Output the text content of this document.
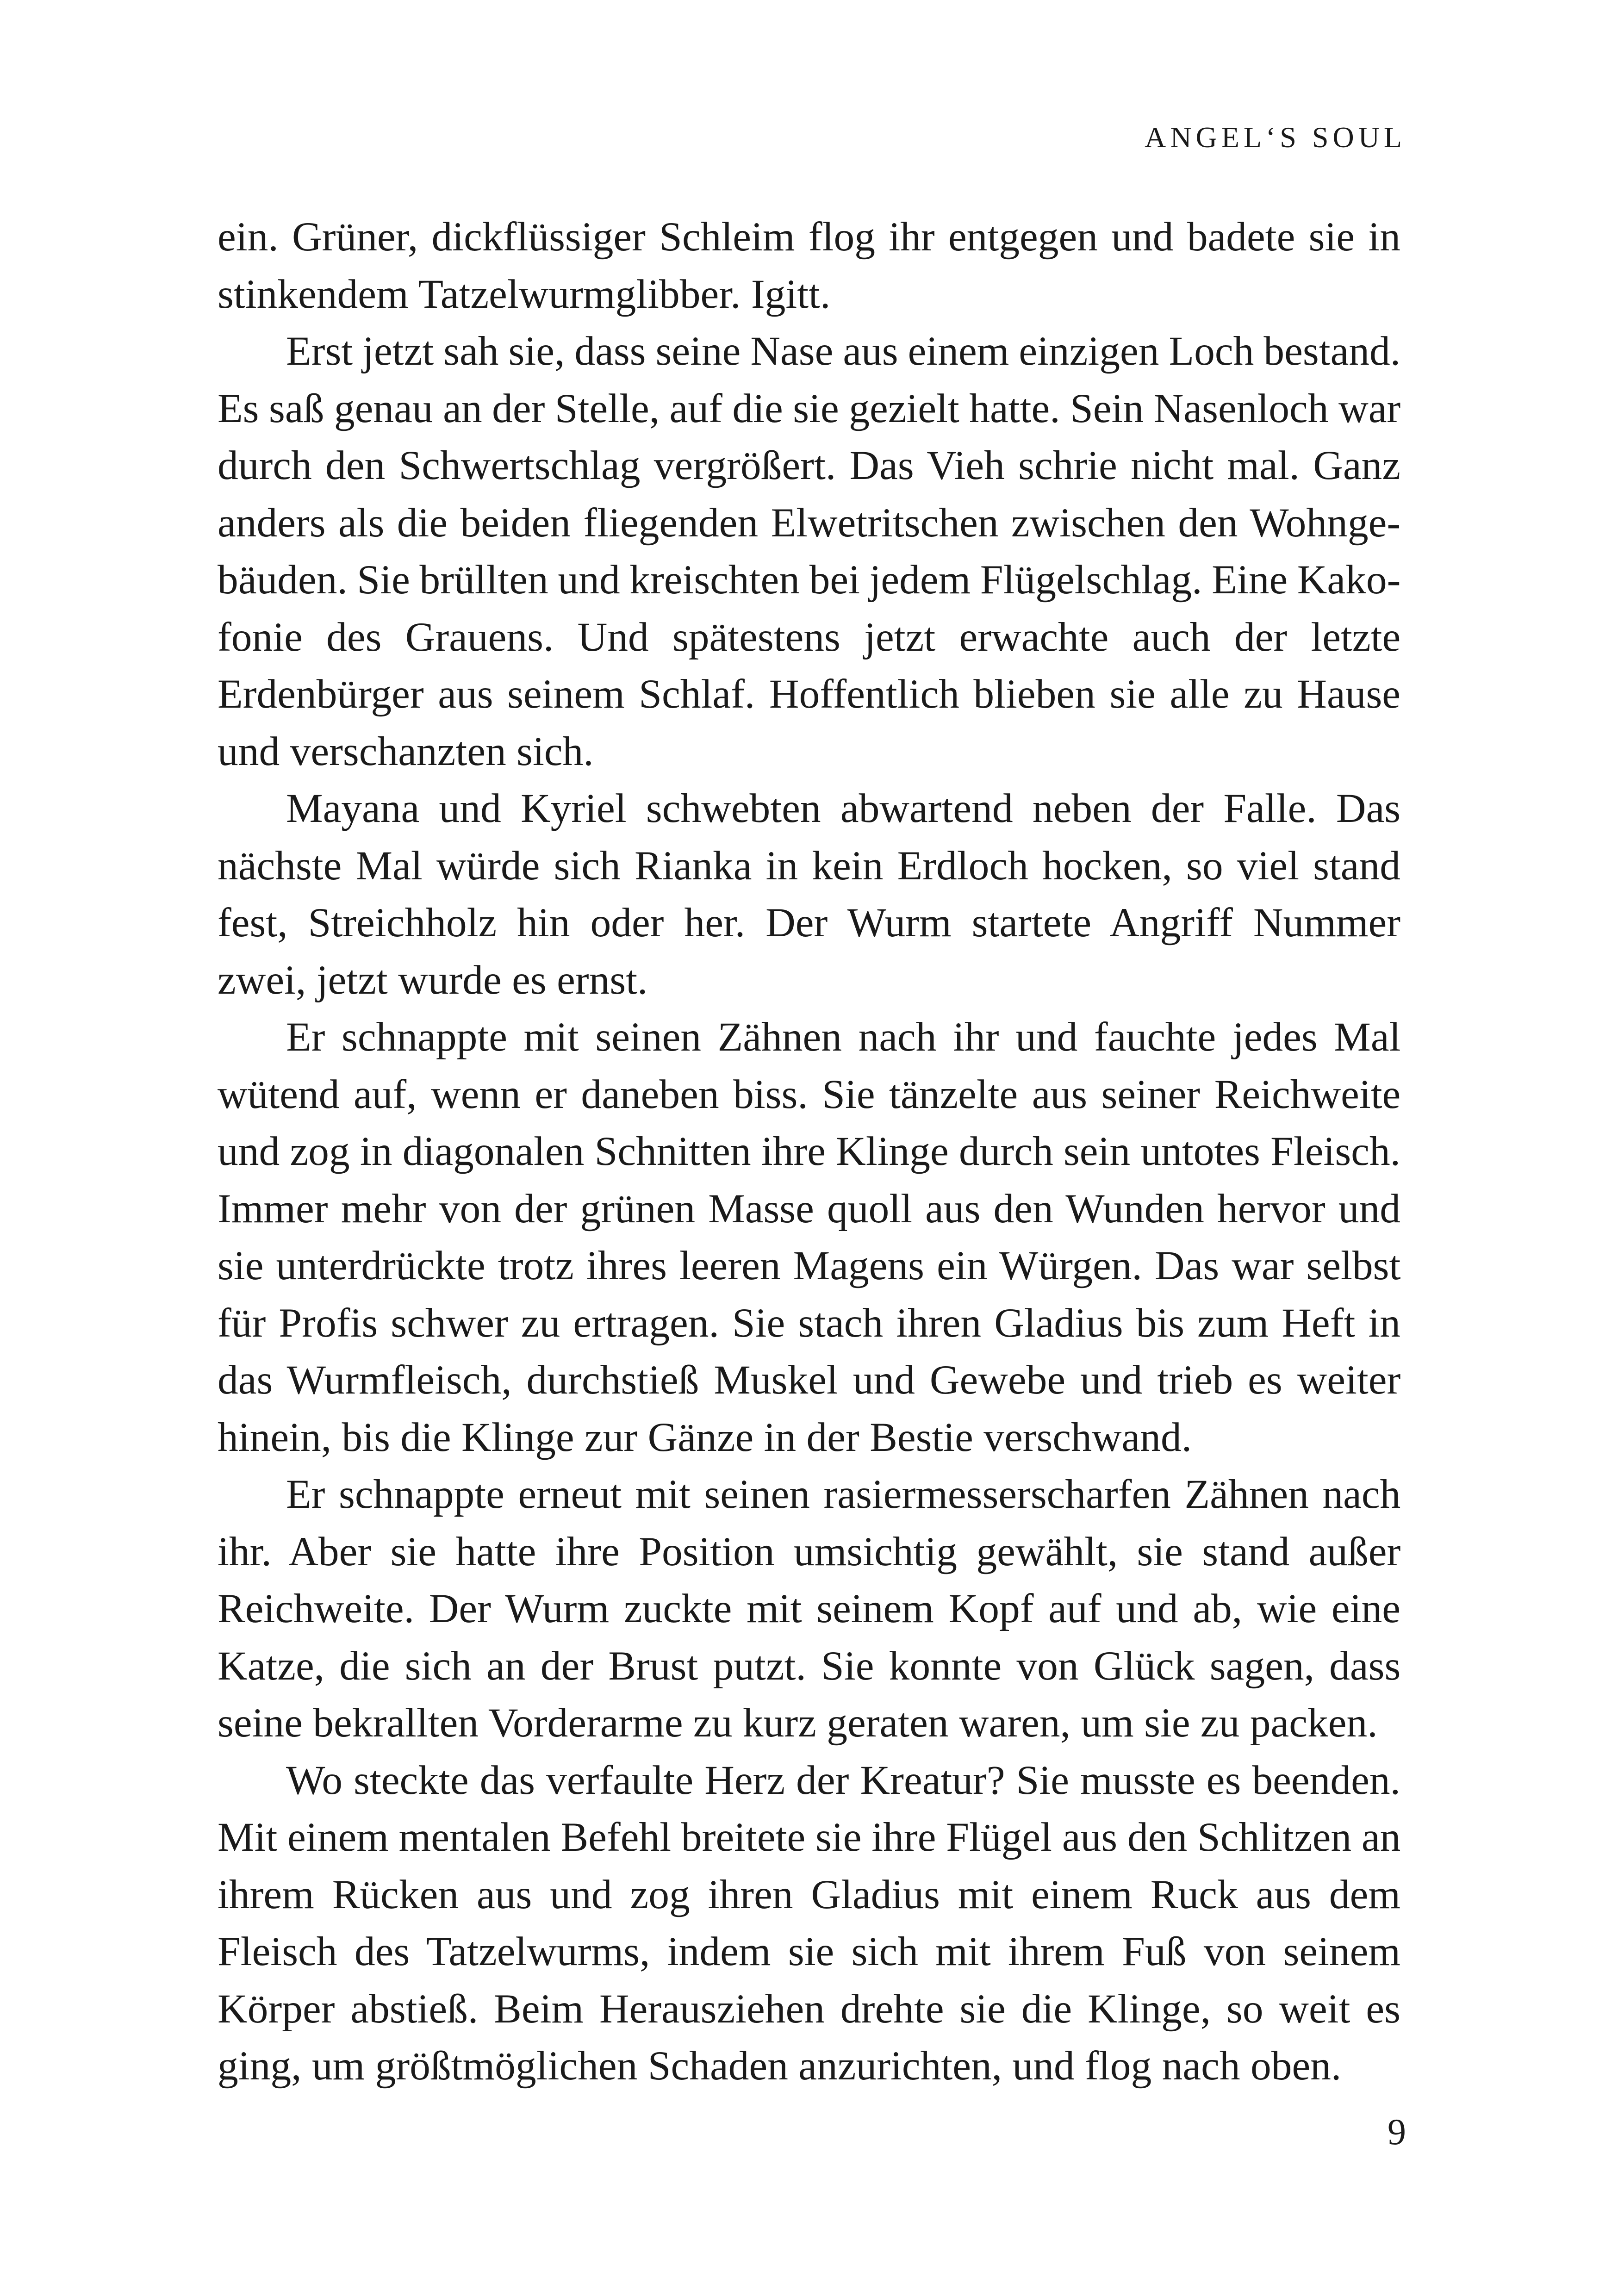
ANGEL‘S SOUL
ein. Grüner, dickflüssiger Schleim flog ihr entgegen und badete sie in
stinkendem Tatzelwurmglibber. Igitt.
Erst jetzt sah sie, dass seine Nase aus einem einzigen Loch bestand.
Es saß genau an der Stelle, auf die sie gezielt hatte. Sein Nasenloch war
durch den Schwertschlag vergrößert. Das Vieh schrie nicht mal. Ganz
anders als die beiden fliegenden Elwetritschen zwischen den Wohnge-
bäuden. Sie brüllten und kreischten bei jedem Flügelschlag. Eine Kako-
fonie des Grauens. Und spätestens jetzt erwachte auch der letzte
Erdenbürger aus seinem Schlaf. Hoffentlich blieben sie alle zu Hause
und verschanzten sich.
Mayana und Kyriel schwebten abwartend neben der Falle. Das
nächste Mal würde sich Rianka in kein Erdloch hocken, so viel stand
fest, Streichholz hin oder her. Der Wurm startete Angriff Nummer
zwei, jetzt wurde es ernst.
Er schnappte mit seinen Zähnen nach ihr und fauchte jedes Mal
wütend auf, wenn er daneben biss. Sie tänzelte aus seiner Reichweite
und zog in diagonalen Schnitten ihre Klinge durch sein untotes Fleisch.
Immer mehr von der grünen Masse quoll aus den Wunden hervor und
sie unterdrückte trotz ihres leeren Magens ein Würgen. Das war selbst
für Profis schwer zu ertragen. Sie stach ihren Gladius bis zum Heft in
das Wurmfleisch, durchstieß Muskel und Gewebe und trieb es weiter
hinein, bis die Klinge zur Gänze in der Bestie verschwand.
Er schnappte erneut mit seinen rasiermesserscharfen Zähnen nach
ihr. Aber sie hatte ihre Position umsichtig gewählt, sie stand außer
Reichweite. Der Wurm zuckte mit seinem Kopf auf und ab, wie eine
Katze, die sich an der Brust putzt. Sie konnte von Glück sagen, dass
seine bekrallten Vorderarme zu kurz geraten waren, um sie zu packen.
Wo steckte das verfaulte Herz der Kreatur? Sie musste es beenden.
Mit einem mentalen Befehl breitete sie ihre Flügel aus den Schlitzen an
ihrem Rücken aus und zog ihren Gladius mit einem Ruck aus dem
Fleisch des Tatzelwurms, indem sie sich mit ihrem Fuß von seinem
Körper abstieß. Beim Herausziehen drehte sie die Klinge, so weit es
ging, um größtmöglichen Schaden anzurichten, und flog nach oben.
9
